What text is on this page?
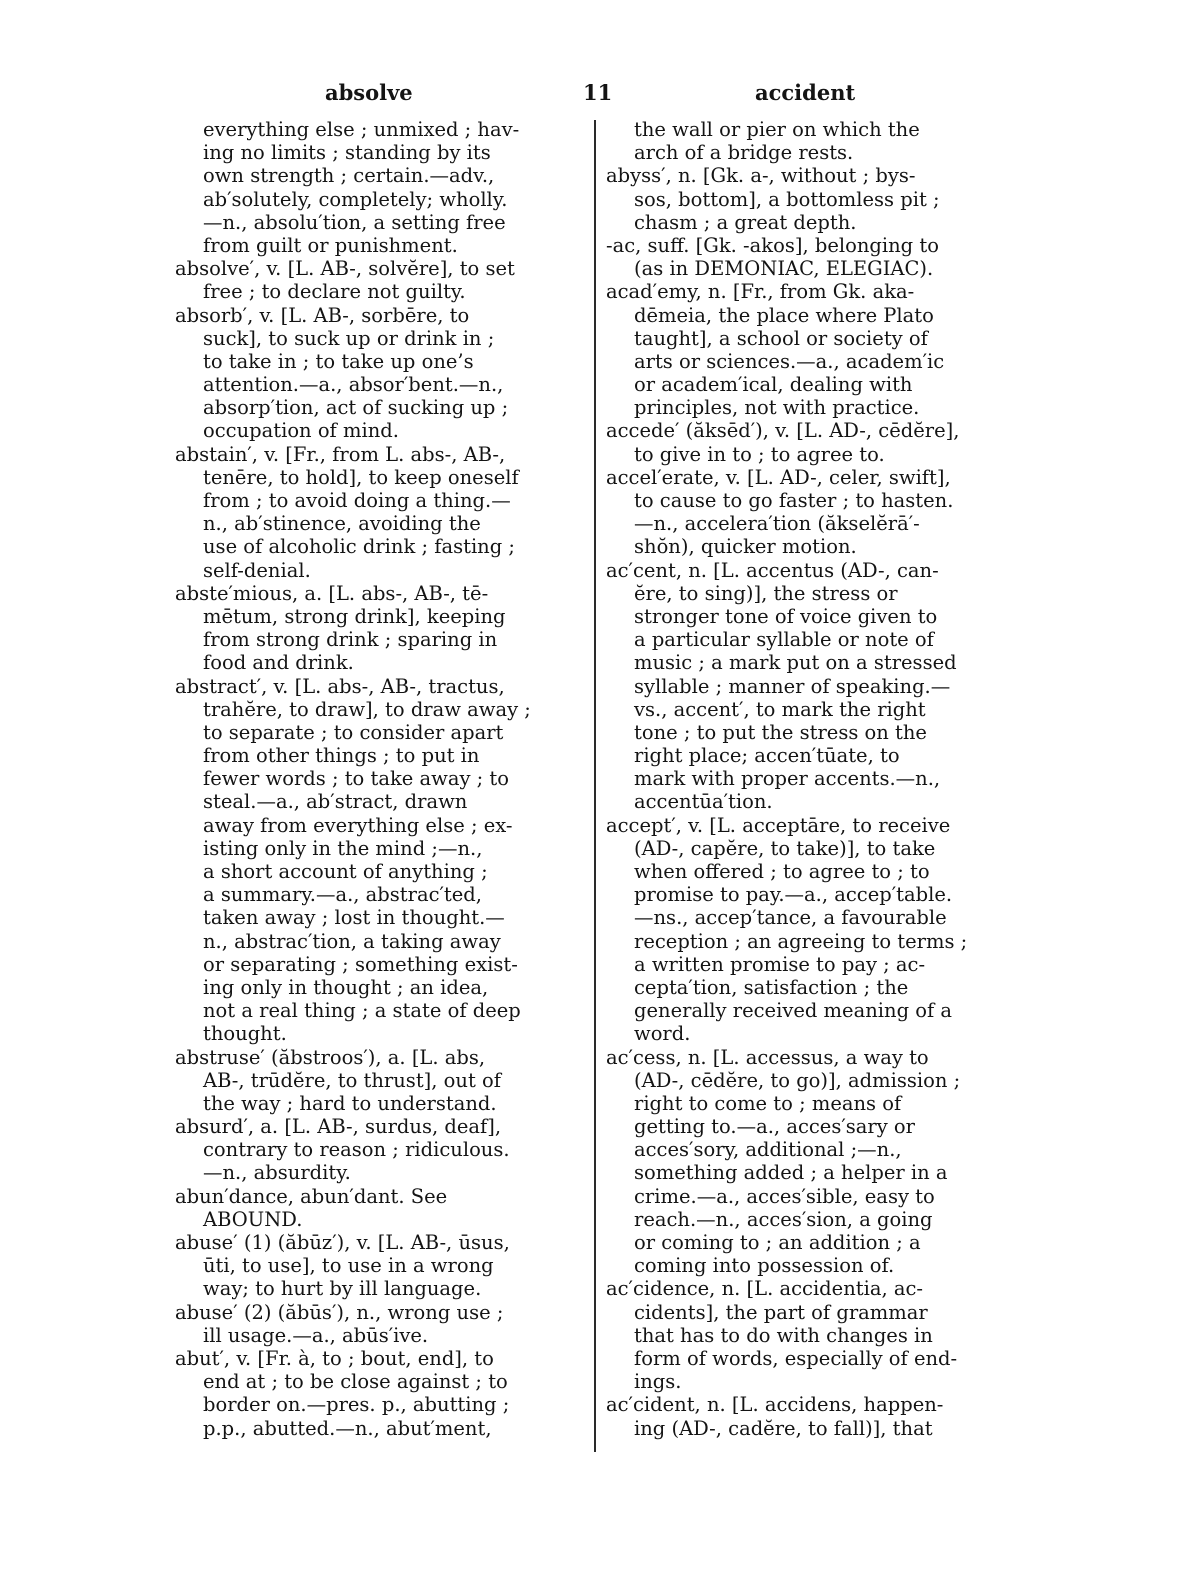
absolve	11	accident
everything else ; unmixed ; hav-
ing no limits ; standing by its
own strength ; certain.—adv.,
ab′solutely, completely; wholly.
—n., absolu′tion, a setting free
from guilt or punishment.
absolve′, v. [L. AB-, solvĕre], to set
free ; to declare not guilty.
absorb′, v. [L. AB-, sorbēre, to
suck], to suck up or drink in ;
to take in ; to take up one’s
attention.—a., absor′bent.—n.,
absorp′tion, act of sucking up ;
occupation of mind.
abstain′, v. [Fr., from L. abs-, AB-,
tenēre, to hold], to keep oneself
from ; to avoid doing a thing.—
n., ab′stinence, avoiding the
use of alcoholic drink ; fasting ;
self-denial.
abste′mious, a. [L. abs-, AB-, tē-
mētum, strong drink], keeping
from strong drink ; sparing in
food and drink.
abstract′, v. [L. abs-, AB-, tractus,
trahĕre, to draw], to draw away ;
to separate ; to consider apart
from other things ; to put in
fewer words ; to take away ; to
steal.—a., ab′stract, drawn
away from everything else ; ex-
isting only in the mind ;—n.,
a short account of anything ;
a summary.—a., abstrac′ted,
taken away ; lost in thought.—
n., abstrac′tion, a taking away
or separating ; something exist-
ing only in thought ; an idea,
not a real thing ; a state of deep
thought.
abstruse′ (ăbstroos′), a. [L. abs,
AB-, trūdĕre, to thrust], out of
the way ; hard to understand.
absurd′, a. [L. AB-, surdus, deaf],
contrary to reason ; ridiculous.
—n., absurdity.
abun′dance, abun′dant. See
ABOUND.
abuse′ (1) (ăbūz′), v. [L. AB-, ūsus,
ūti, to use], to use in a wrong
way; to hurt by ill language.
abuse′ (2) (ăbūs′), n., wrong use ;
ill usage.—a., abūs′ive.
abut′, v. [Fr. à, to ; bout, end], to
end at ; to be close against ; to
border on.—pres. p., abutting ;
p.p., abutted.—n., abut′ment,
the wall or pier on which the
arch of a bridge rests.
abyss′, n. [Gk. a-, without ; bys-
sos, bottom], a bottomless pit ;
chasm ; a great depth.
-ac, suff. [Gk. -akos], belonging to
(as in DEMONIAC, ELEGIAC).
acad′emy, n. [Fr., from Gk. aka-
dēmeia, the place where Plato
taught], a school or society of
arts or sciences.—a., academ′ic
or academ′ical, dealing with
principles, not with practice.
accede′ (ăksēd′), v. [L. AD-, cēdĕre],
to give in to ; to agree to.
accel′erate, v. [L. AD-, celer, swift],
to cause to go faster ; to hasten.
—n., accelera′tion (ăkselĕrā′-
shŏn), quicker motion.
ac′cent, n. [L. accentus (AD-, can-
ĕre, to sing)], the stress or
stronger tone of voice given to
a particular syllable or note of
music ; a mark put on a stressed
syllable ; manner of speaking.—
vs., accent′, to mark the right
tone ; to put the stress on the
right place; accen′tūate, to
mark with proper accents.—n.,
accentūa′tion.
accept′, v. [L. acceptāre, to receive
(AD-, capĕre, to take)], to take
when offered ; to agree to ; to
promise to pay.—a., accep′table.
—ns., accep′tance, a favourable
reception ; an agreeing to terms ;
a written promise to pay ; ac-
cepta′tion, satisfaction ; the
generally received meaning of a
word.
ac′cess, n. [L. accessus, a way to
(AD-, cēdĕre, to go)], admission ;
right to come to ; means of
getting to.—a., acces′sary or
acces′sory, additional ;—n.,
something added ; a helper in a
crime.—a., acces′sible, easy to
reach.—n., acces′sion, a going
or coming to ; an addition ; a
coming into possession of.
ac′cidence, n. [L. accidentia, ac-
cidents], the part of grammar
that has to do with changes in
form of words, especially of end-
ings.
ac′cident, n. [L. accidens, happen-
ing (AD-, cadĕre, to fall)], that
